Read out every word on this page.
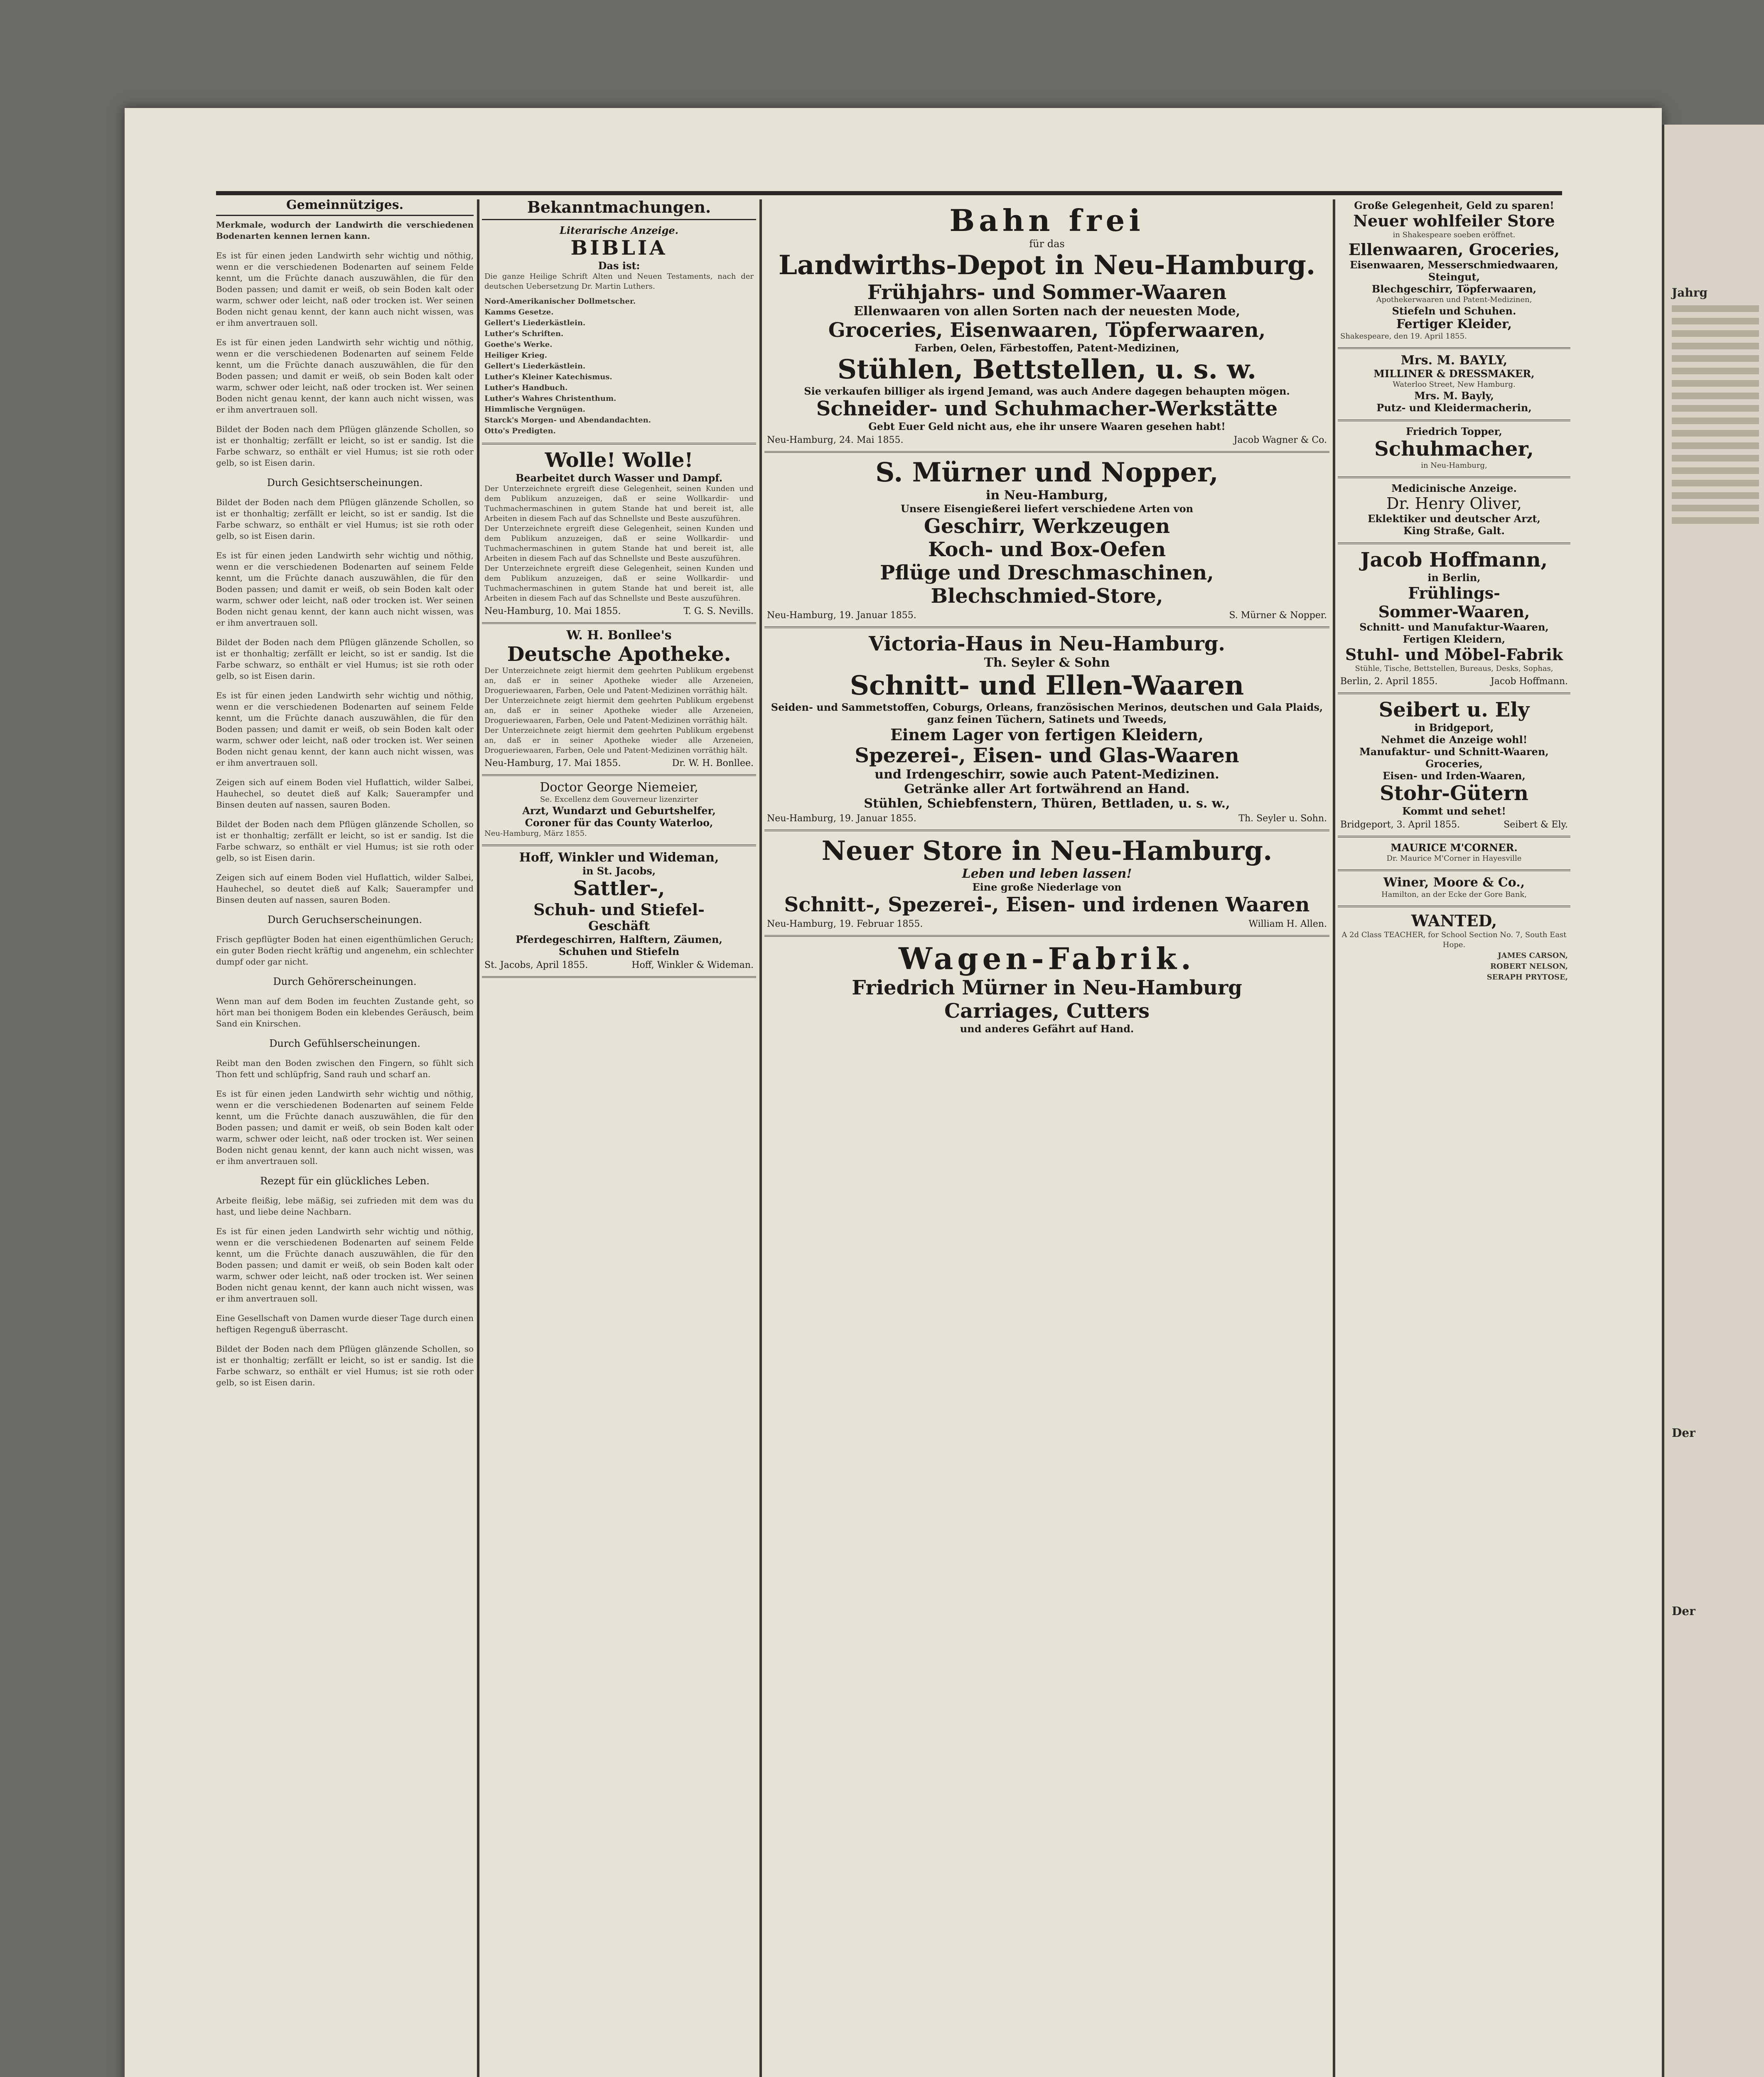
Jahrg
Der
Der
Gemeinnütziges.
Merkmale, wodurch der Landwirth die verschiedenen Bodenarten kennen lernen kann.

Es ist für einen jeden Landwirth sehr wichtig und nöthig, wenn er die verschiedenen Bodenarten auf seinem Felde kennt, um die Früchte danach auszuwählen, die für den Boden passen; und damit er weiß, ob sein Boden kalt oder warm, schwer oder leicht, naß oder trocken ist. Wer seinen Boden nicht genau kennt, der kann auch nicht wissen, was er ihm anvertrauen soll.

Es ist für einen jeden Landwirth sehr wichtig und nöthig, wenn er die verschiedenen Bodenarten auf seinem Felde kennt, um die Früchte danach auszuwählen, die für den Boden passen; und damit er weiß, ob sein Boden kalt oder warm, schwer oder leicht, naß oder trocken ist. Wer seinen Boden nicht genau kennt, der kann auch nicht wissen, was er ihm anvertrauen soll.

Bildet der Boden nach dem Pflügen glänzende Schollen, so ist er thonhaltig; zerfällt er leicht, so ist er sandig. Ist die Farbe schwarz, so enthält er viel Humus; ist sie roth oder gelb, so ist Eisen darin.

Durch Gesichtserscheinungen.

Bildet der Boden nach dem Pflügen glänzende Schollen, so ist er thonhaltig; zerfällt er leicht, so ist er sandig. Ist die Farbe schwarz, so enthält er viel Humus; ist sie roth oder gelb, so ist Eisen darin.

Es ist für einen jeden Landwirth sehr wichtig und nöthig, wenn er die verschiedenen Bodenarten auf seinem Felde kennt, um die Früchte danach auszuwählen, die für den Boden passen; und damit er weiß, ob sein Boden kalt oder warm, schwer oder leicht, naß oder trocken ist. Wer seinen Boden nicht genau kennt, der kann auch nicht wissen, was er ihm anvertrauen soll.

Bildet der Boden nach dem Pflügen glänzende Schollen, so ist er thonhaltig; zerfällt er leicht, so ist er sandig. Ist die Farbe schwarz, so enthält er viel Humus; ist sie roth oder gelb, so ist Eisen darin.

Es ist für einen jeden Landwirth sehr wichtig und nöthig, wenn er die verschiedenen Bodenarten auf seinem Felde kennt, um die Früchte danach auszuwählen, die für den Boden passen; und damit er weiß, ob sein Boden kalt oder warm, schwer oder leicht, naß oder trocken ist. Wer seinen Boden nicht genau kennt, der kann auch nicht wissen, was er ihm anvertrauen soll.

Zeigen sich auf einem Boden viel Huflattich, wilder Salbei, Hauhechel, so deutet dieß auf Kalk; Sauerampfer und Binsen deuten auf nassen, sauren Boden.

Bildet der Boden nach dem Pflügen glänzende Schollen, so ist er thonhaltig; zerfällt er leicht, so ist er sandig. Ist die Farbe schwarz, so enthält er viel Humus; ist sie roth oder gelb, so ist Eisen darin.

Zeigen sich auf einem Boden viel Huflattich, wilder Salbei, Hauhechel, so deutet dieß auf Kalk; Sauerampfer und Binsen deuten auf nassen, sauren Boden.

Durch Geruchserscheinungen.

Frisch gepflügter Boden hat einen eigenthümlichen Geruch; ein guter Boden riecht kräftig und angenehm, ein schlechter dumpf oder gar nicht.

Durch Gehörerscheinungen.

Wenn man auf dem Boden im feuchten Zustande geht, so hört man bei thonigem Boden ein klebendes Geräusch, beim Sand ein Knirschen.

Durch Gefühlserscheinungen.

Reibt man den Boden zwischen den Fingern, so fühlt sich Thon fett und schlüpfrig, Sand rauh und scharf an.

Es ist für einen jeden Landwirth sehr wichtig und nöthig, wenn er die verschiedenen Bodenarten auf seinem Felde kennt, um die Früchte danach auszuwählen, die für den Boden passen; und damit er weiß, ob sein Boden kalt oder warm, schwer oder leicht, naß oder trocken ist. Wer seinen Boden nicht genau kennt, der kann auch nicht wissen, was er ihm anvertrauen soll.

Rezept für ein glückliches Leben.

Arbeite fleißig, lebe mäßig, sei zufrieden mit dem was du hast, und liebe deine Nachbarn.

Es ist für einen jeden Landwirth sehr wichtig und nöthig, wenn er die verschiedenen Bodenarten auf seinem Felde kennt, um die Früchte danach auszuwählen, die für den Boden passen; und damit er weiß, ob sein Boden kalt oder warm, schwer oder leicht, naß oder trocken ist. Wer seinen Boden nicht genau kennt, der kann auch nicht wissen, was er ihm anvertrauen soll.

Eine Gesellschaft von Damen wurde dieser Tage durch einen heftigen Regenguß überrascht.

Bildet der Boden nach dem Pflügen glänzende Schollen, so ist er thonhaltig; zerfällt er leicht, so ist er sandig. Ist die Farbe schwarz, so enthält er viel Humus; ist sie roth oder gelb, so ist Eisen darin.

Bekanntmachungen.
Literarische Anzeige.
BIBLIA
Das ist:
Die ganze Heilige Schrift Alten und Neuen Testaments, nach der deutschen Uebersetzung Dr. Martin Luthers.

Nord-Amerikanischer Dollmetscher.

Kamms Gesetze.

Gellert's Liederkästlein.

Luther's Schriften.

Goethe's Werke.

Heiliger Krieg.

Gellert's Liederkästlein.

Luther's Kleiner Katechismus.

Luther's Handbuch.

Luther's Wahres Christenthum.

Himmlische Vergnügen.

Starck's Morgen- und Abendandachten.

Otto's Predigten.

Wolle! Wolle!
Bearbeitet durch Wasser und Dampf.
Der Unterzeichnete ergreift diese Gelegenheit, seinen Kunden und dem Publikum anzuzeigen, daß er seine Wollkardir- und Tuchmachermaschinen in gutem Stande hat und bereit ist, alle Arbeiten in diesem Fach auf das Schnellste und Beste auszuführen.
Der Unterzeichnete ergreift diese Gelegenheit, seinen Kunden und dem Publikum anzuzeigen, daß er seine Wollkardir- und Tuchmachermaschinen in gutem Stande hat und bereit ist, alle Arbeiten in diesem Fach auf das Schnellste und Beste auszuführen.
Der Unterzeichnete ergreift diese Gelegenheit, seinen Kunden und dem Publikum anzuzeigen, daß er seine Wollkardir- und Tuchmachermaschinen in gutem Stande hat und bereit ist, alle Arbeiten in diesem Fach auf das Schnellste und Beste auszuführen.
Neu-Hamburg, 10. Mai 1855.	T. G. S. Nevills.
W. H. Bonllee's
Deutsche Apotheke.
Der Unterzeichnete zeigt hiermit dem geehrten Publikum ergebenst an, daß er in seiner Apotheke wieder alle Arzeneien, Drogueriewaaren, Farben, Oele und Patent-Medizinen vorräthig hält.
Der Unterzeichnete zeigt hiermit dem geehrten Publikum ergebenst an, daß er in seiner Apotheke wieder alle Arzeneien, Drogueriewaaren, Farben, Oele und Patent-Medizinen vorräthig hält.
Der Unterzeichnete zeigt hiermit dem geehrten Publikum ergebenst an, daß er in seiner Apotheke wieder alle Arzeneien, Drogueriewaaren, Farben, Oele und Patent-Medizinen vorräthig hält.
Neu-Hamburg, 17. Mai 1855.	Dr. W. H. Bonllee.
Doctor George Niemeier,
Se. Excellenz dem Gouverneur lizenzirter
Arzt, Wundarzt und Geburtshelfer,
Coroner für das County Waterloo,
Neu-Hamburg, März 1855.
Hoff, Winkler und Wideman,
in St. Jacobs,
Sattler-,
Schuh- und Stiefel-
Geschäft
Pferdegeschirren, Halftern, Zäumen,
Schuhen und Stiefeln
St. Jacobs, April 1855.	Hoff, Winkler & Wideman.
Bahn frei
für das
Landwirths-Depot in Neu-Hamburg.
Frühjahrs- und Sommer-Waaren
Ellenwaaren von allen Sorten nach der neuesten Mode,
Groceries, Eisenwaaren, Töpferwaaren,
Farben, Oelen, Färbestoffen, Patent-Medizinen,
Stühlen, Bettstellen, u. s. w.
Sie verkaufen billiger als irgend Jemand, was auch Andere dagegen behaupten mögen.
Schneider- und Schuhmacher-Werkstätte
Gebt Euer Geld nicht aus, ehe ihr unsere Waaren gesehen habt!
Neu-Hamburg, 24. Mai 1855.	Jacob Wagner & Co.
S. Mürner und Nopper,
in Neu-Hamburg,
Unsere Eisengießerei liefert verschiedene Arten von
Geschirr, Werkzeugen
Koch- und Box-Oefen
Pflüge und Dreschmaschinen,
Blechschmied-Store,
Neu-Hamburg, 19. Januar 1855.	S. Mürner & Nopper.
Victoria-Haus in Neu-Hamburg.
Th. Seyler & Sohn
Schnitt- und Ellen-Waaren
Seiden- und Sammetstoffen, Coburgs, Orleans, französischen Merinos, deutschen und Gala Plaids, ganz feinen Tüchern, Satinets und Tweeds,
Einem Lager von fertigen Kleidern,
Spezerei-, Eisen- und Glas-Waaren
und Irdengeschirr, sowie auch Patent-Medizinen.
Getränke aller Art fortwährend an Hand.
Stühlen, Schiebfenstern, Thüren, Bettladen, u. s. w.,
Neu-Hamburg, 19. Januar 1855.	Th. Seyler u. Sohn.
Neuer Store in Neu-Hamburg.
Leben und leben lassen!
Eine große Niederlage von
Schnitt-, Spezerei-, Eisen- und irdenen Waaren
Neu-Hamburg, 19. Februar 1855.	William H. Allen.
Wagen-Fabrik.
Friedrich Mürner in Neu-Hamburg
Carriages, Cutters
und anderes Gefährt auf Hand.
Große Gelegenheit, Geld zu sparen!
Neuer wohlfeiler Store
in Shakespeare soeben eröffnet.
Ellenwaaren, Groceries,
Eisenwaaren, Messerschmiedwaaren, Steingut,
Blechgeschirr, Töpferwaaren,
Apothekerwaaren und Patent-Medizinen,
Stiefeln und Schuhen.
Fertiger Kleider,
Shakespeare, den 19. April 1855.
Mrs. M. BAYLY,
MILLINER & DRESSMAKER,
Waterloo Street, New Hamburg.
Mrs. M. Bayly,
Putz- und Kleidermacherin,
Friedrich Topper,
Schuhmacher,
in Neu-Hamburg,
Medicinische Anzeige.
Dr. Henry Oliver,
Eklektiker und deutscher Arzt,
King Straße, Galt.
Jacob Hoffmann,
in Berlin,
Frühlings-
Sommer-Waaren,
Schnitt- und Manufaktur-Waaren,
Fertigen Kleidern,
Stuhl- und Möbel-Fabrik
Stühle, Tische, Bettstellen, Bureaus, Desks, Sophas,
Berlin, 2. April 1855.	Jacob Hoffmann.
Seibert u. Ely
in Bridgeport,
Nehmet die Anzeige wohl!
Manufaktur- und Schnitt-Waaren,
Groceries,
Eisen- und Irden-Waaren,
Stohr-Gütern
Kommt und sehet!
Bridgeport, 3. April 1855.	Seibert & Ely.
MAURICE M'CORNER.
Dr. Maurice M'Corner in Hayesville
Winer, Moore & Co.,
Hamilton, an der Ecke der Gore Bank,
WANTED,
A 2d Class TEACHER, for School Section No. 7, South East Hope.

JAMES CARSON,

ROBERT NELSON,

SERAPH PRYTOSE,
